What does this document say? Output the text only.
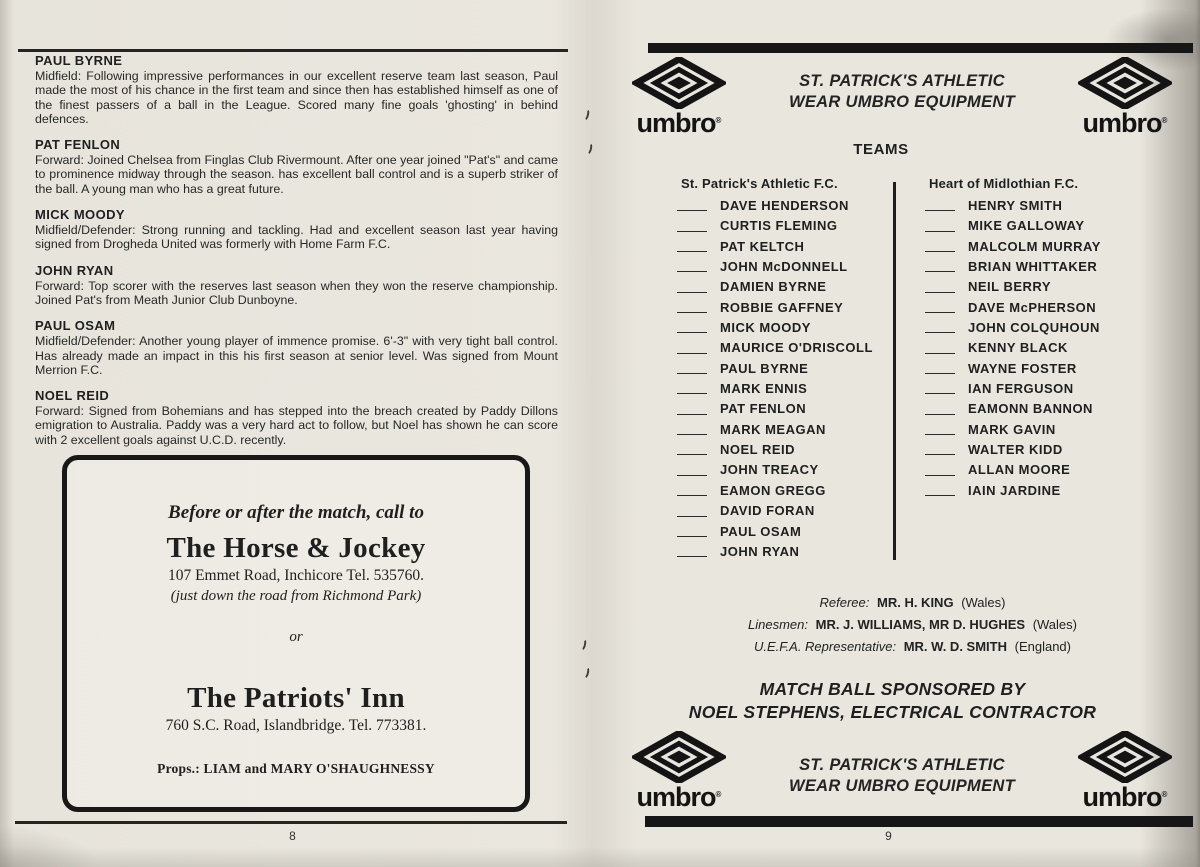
PAUL BYRNE

Midfield: Following impressive performances in our excellent reserve team last season, Paul made the most of his chance in the first team and since then has established himself as one of the finest passers of a ball in the League. Scored many fine goals 'ghosting' in behind defences.

PAT FENLON

Forward: Joined Chelsea from Finglas Club Rivermount. After one year joined "Pat's" and came to prominence midway through the season. has excellent ball control and is a superb striker of the ball. A young man who has a great future.

MICK MOODY

Midfield/Defender: Strong running and tackling. Had and excellent season last year having signed from Drogheda United was formerly with Home Farm F.C.

JOHN RYAN

Forward: Top scorer with the reserves last season when they won the reserve championship. Joined Pat's from Meath Junior Club Dunboyne.

PAUL OSAM

Midfield/Defender: Another young player of immence promise. 6'-3" with very tight ball control. Has already made an impact in this his first season at senior level. Was signed from Mount Merrion F.C.

NOEL REID

Forward: Signed from Bohemians and has stepped into the breach created by Paddy Dillons emigration to Australia. Paddy was a very hard act to follow, but Noel has shown he can score with 2 excellent goals against U.C.D. recently.

Before or after the match, call to
The Horse & Jockey
107 Emmet Road, Inchicore Tel. 535760.
(just down the road from Richmond Park)
or
The Patriots' Inn
760 S.C. Road, Islandbridge. Tel. 773381.
Props.: LIAM and MARY O'SHAUGHNESSY
8
umbro®
ST. PATRICK'S ATHLETIC
WEAR UMBRO EQUIPMENT
umbro®
TEAMS
St. Patrick's Athletic F.C.
DAVE HENDERSON
CURTIS FLEMING
PAT KELTCH
JOHN McDONNELL
DAMIEN BYRNE
ROBBIE GAFFNEY
MICK MOODY
MAURICE O'DRISCOLL
PAUL BYRNE
MARK ENNIS
PAT FENLON
MARK MEAGAN
NOEL REID
JOHN TREACY
EAMON GREGG
DAVID FORAN
PAUL OSAM
JOHN RYAN
Heart of Midlothian F.C.
HENRY SMITH
MIKE GALLOWAY
MALCOLM MURRAY
BRIAN WHITTAKER
NEIL BERRY
DAVE McPHERSON
JOHN COLQUHOUN
KENNY BLACK
WAYNE FOSTER
IAN FERGUSON
EAMONN BANNON
MARK GAVIN
WALTER KIDD
ALLAN MOORE
IAIN JARDINE
Referee: MR. H. KING (Wales)
Linesmen: MR. J. WILLIAMS, MR D. HUGHES (Wales)
U.E.F.A. Representative: MR. W. D. SMITH (England)
MATCH BALL SPONSORED BY
NOEL STEPHENS, ELECTRICAL CONTRACTOR
umbro®
ST. PATRICK'S ATHLETIC
WEAR UMBRO EQUIPMENT	umbro®
9
